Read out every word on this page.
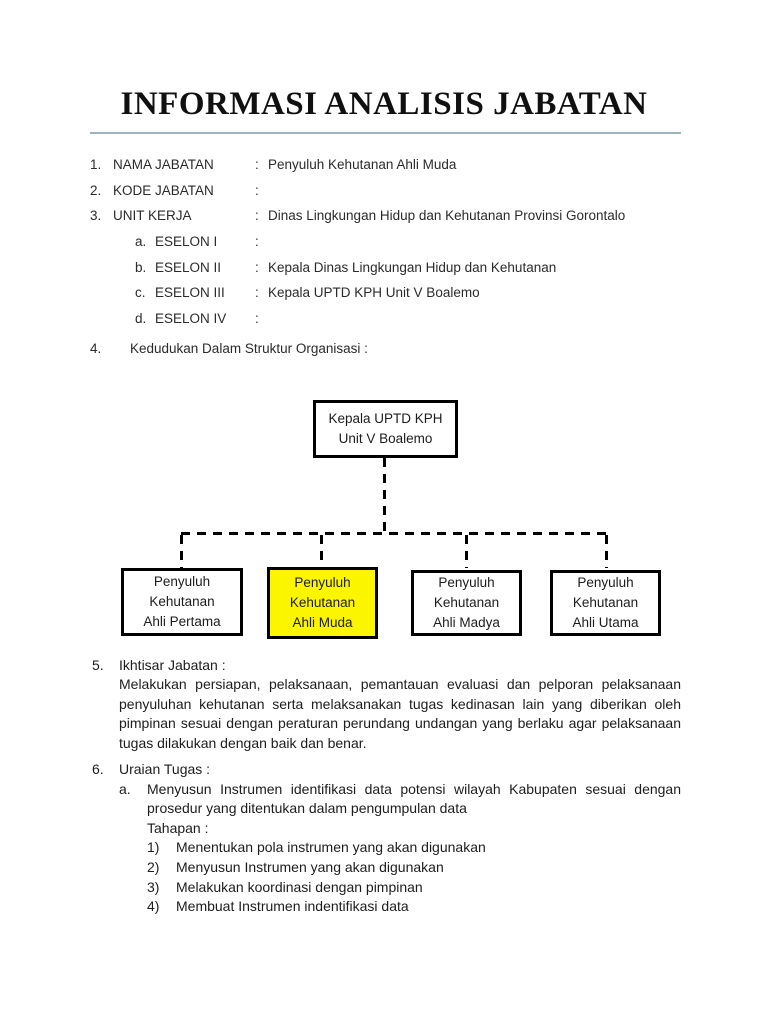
INFORMASI ANALISIS JABATAN
1. NAMA JABATAN	: Penyuluh Kehutanan Ahli Muda
2. KODE JABATAN	:
3. UNIT KERJA	: Dinas Lingkungan Hidup dan Kehutanan Provinsi Gorontalo
a. ESELON I	:
b. ESELON II	: Kepala Dinas Lingkungan Hidup dan Kehutanan
c. ESELON III	: Kepala UPTD KPH Unit V Boalemo
d. ESELON IV	:
4.	Kedudukan Dalam Struktur Organisasi :
Kepala UPTD KPH
Unit V Boalemo
Penyuluh
Kehutanan
Ahli Pertama
Penyuluh
Kehutanan
Ahli Muda
Penyuluh
Kehutanan
Ahli Madya
Penyuluh
Kehutanan
Ahli Utama
5.	Ikhtisar Jabatan :
Melakukan persiapan, pelaksanaan, pemantauan evaluasi dan pelporan pelaksanaan penyuluhan kehutanan serta melaksanakan tugas kedinasan lain yang diberikan oleh pimpinan sesuai dengan peraturan perundang undangan yang berlaku agar pelaksanaan tugas dilakukan dengan baik dan benar.
6.	Uraian Tugas :
a.	Menyusun Instrumen identifikasi data potensi wilayah Kabupaten sesuai dengan prosedur yang ditentukan dalam pengumpulan data
Tahapan :
1)	Menentukan pola instrumen yang akan digunakan
2)	Menyusun Instrumen yang akan digunakan
3)	Melakukan koordinasi dengan pimpinan
4)	Membuat Instrumen indentifikasi data
